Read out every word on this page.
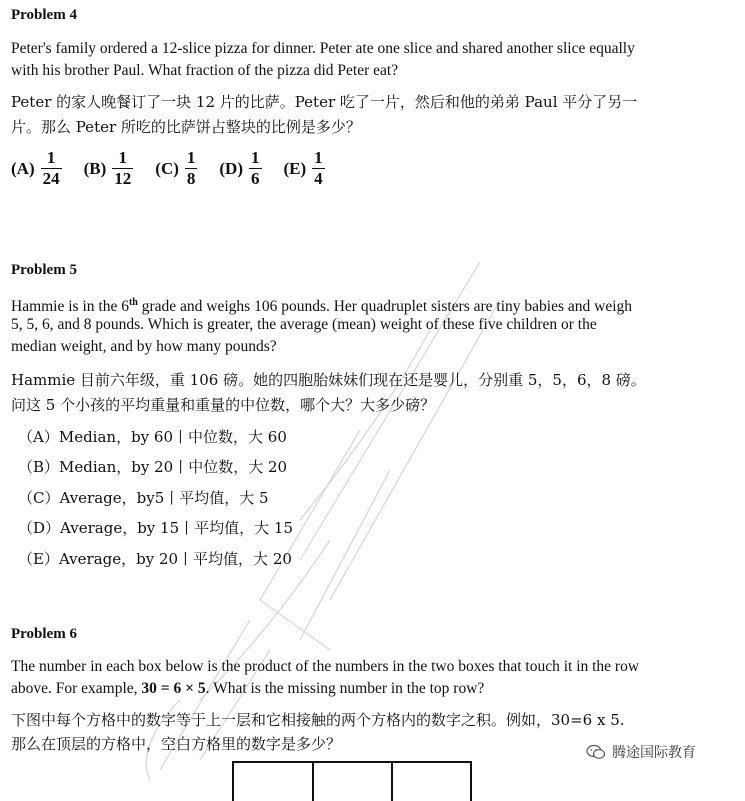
Problem 4
Peter's family ordered a 12-slice pizza for dinner. Peter ate one slice and shared another slice equally
with his brother Paul. What fraction of the pizza did Peter eat?
Peter 的家人晚餐订了一块 12 片的比萨。Peter 吃了一片，然后和他的弟弟 Paul 平分了另一
片。那么 Peter 所吃的比萨饼占整块的比例是多少？
$(A) \frac{1}{24} (B) \frac{1}{12} (C) \frac{1}{8} (D) \frac{1}{6} (E) \frac{1}{4}$
Problem 5
Hammie is in the 6th grade and weighs 106 pounds. Her quadruplet sisters are tiny babies and weigh
5, 5, 6, and 8 pounds. Which is greater, the average (mean) weight of these five children or the
median weight, and by how many pounds?
Hammie 目前六年级，重 106 磅。她的四胞胎妹妹们现在还是婴儿，分别重 5，5，6，8 磅。
问这 5 个小孩的平均重量和重量的中位数，哪个大？大多少磅？
（A）Median，by 60丨中位数，大 60
（B）Median，by 20丨中位数，大 20
（C）Average，by5丨平均值，大 5
（D）Average，by 15丨平均值，大 15
（E）Average，by 20丨平均值，大 20
Problem 6
The number in each box below is the product of the numbers in the two boxes that touch it in the row
above. For example, 30 = 6 × 5. What is the missing number in the top row?
下图中每个方格中的数字等于上一层和它相接触的两个方格内的数字之积。例如，30=6 x 5.
那么在顶层的方格中，空白方格里的数字是多少？	腾途国际教育
